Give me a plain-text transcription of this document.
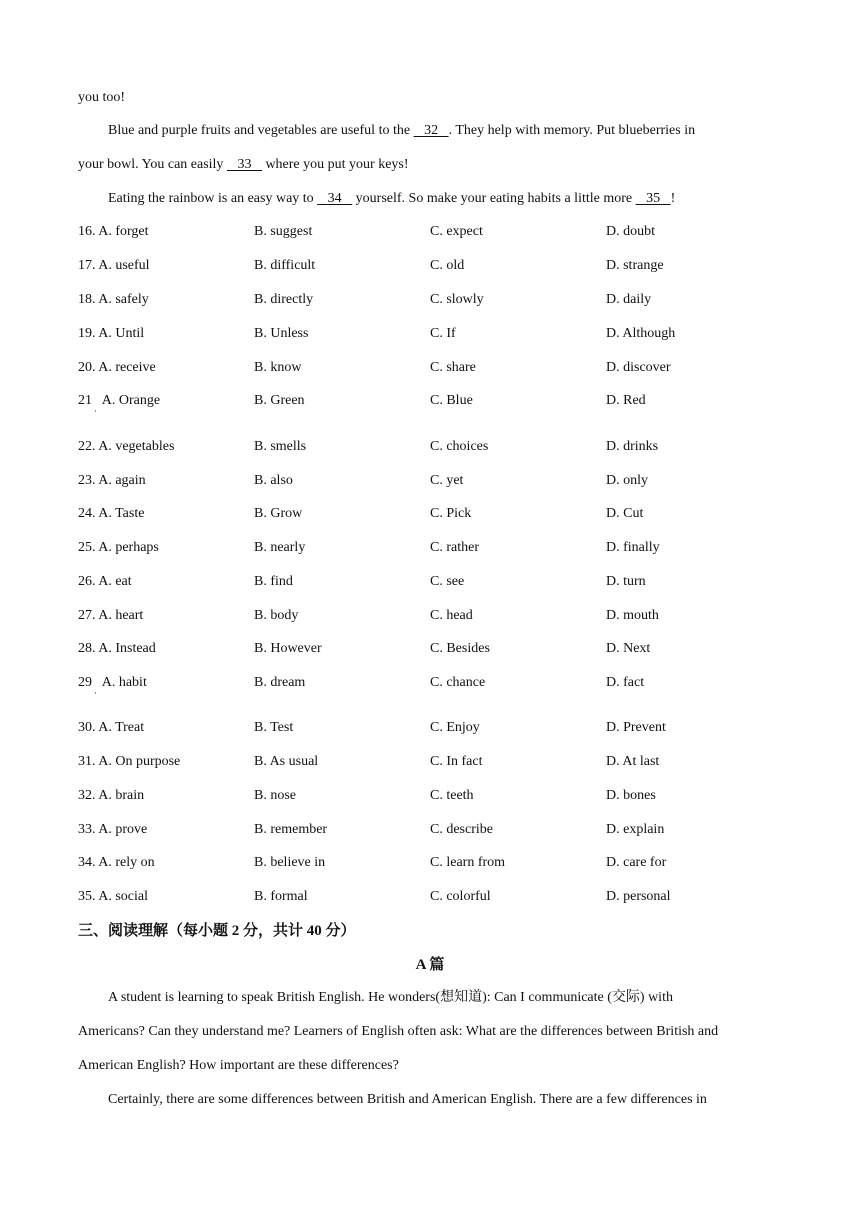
you too!
Blue and purple fruits and vegetables are useful to the 32 . They help with memory. Put blueberries in
your bowl. You can easily 33 where you put your keys!
Eating the rainbow is an easy way to 34 yourself. So make your eating habits a little more 35 !
16. A. forget	B. suggest	C. expect	D. doubt
17. A. useful	B. difficult	C. old	D. strange
18. A. safely	B. directly	C. slowly	D. daily
19. A. Until	B. Unless	C. If	D. Although
20. A. receive	B. know	C. share	D. discover
21   A. Orange	B. Green	C. Blue	D. Red
·
22. A. vegetables	B. smells	C. choices	D. drinks
23. A. again	B. also	C. yet	D. only
24. A. Taste	B. Grow	C. Pick	D. Cut
25. A. perhaps	B. nearly	C. rather	D. finally
26. A. eat	B. find	C. see	D. turn
27. A. heart	B. body	C. head	D. mouth
28. A. Instead	B. However	C. Besides	D. Next
29   A. habit	B. dream	C. chance	D. fact
·
30. A. Treat	B. Test	C. Enjoy	D. Prevent
31. A. On purpose	B. As usual	C. In fact	D. At last
32. A. brain	B. nose	C. teeth	D. bones
33. A. prove	B. remember	C. describe	D. explain
34. A. rely on	B. believe in	C. learn from	D. care for
35. A. social	B. formal	C. colorful	D. personal
三、阅读理解（每小题 2 分，共计 40 分）
A 篇
A student is learning to speak British English. He wonders(想知道): Can I communicate (交际) with
Americans? Can they understand me? Learners of English often ask: What are the differences between British and
American English? How important are these differences?
Certainly, there are some differences between British and American English. There are a few differences in
